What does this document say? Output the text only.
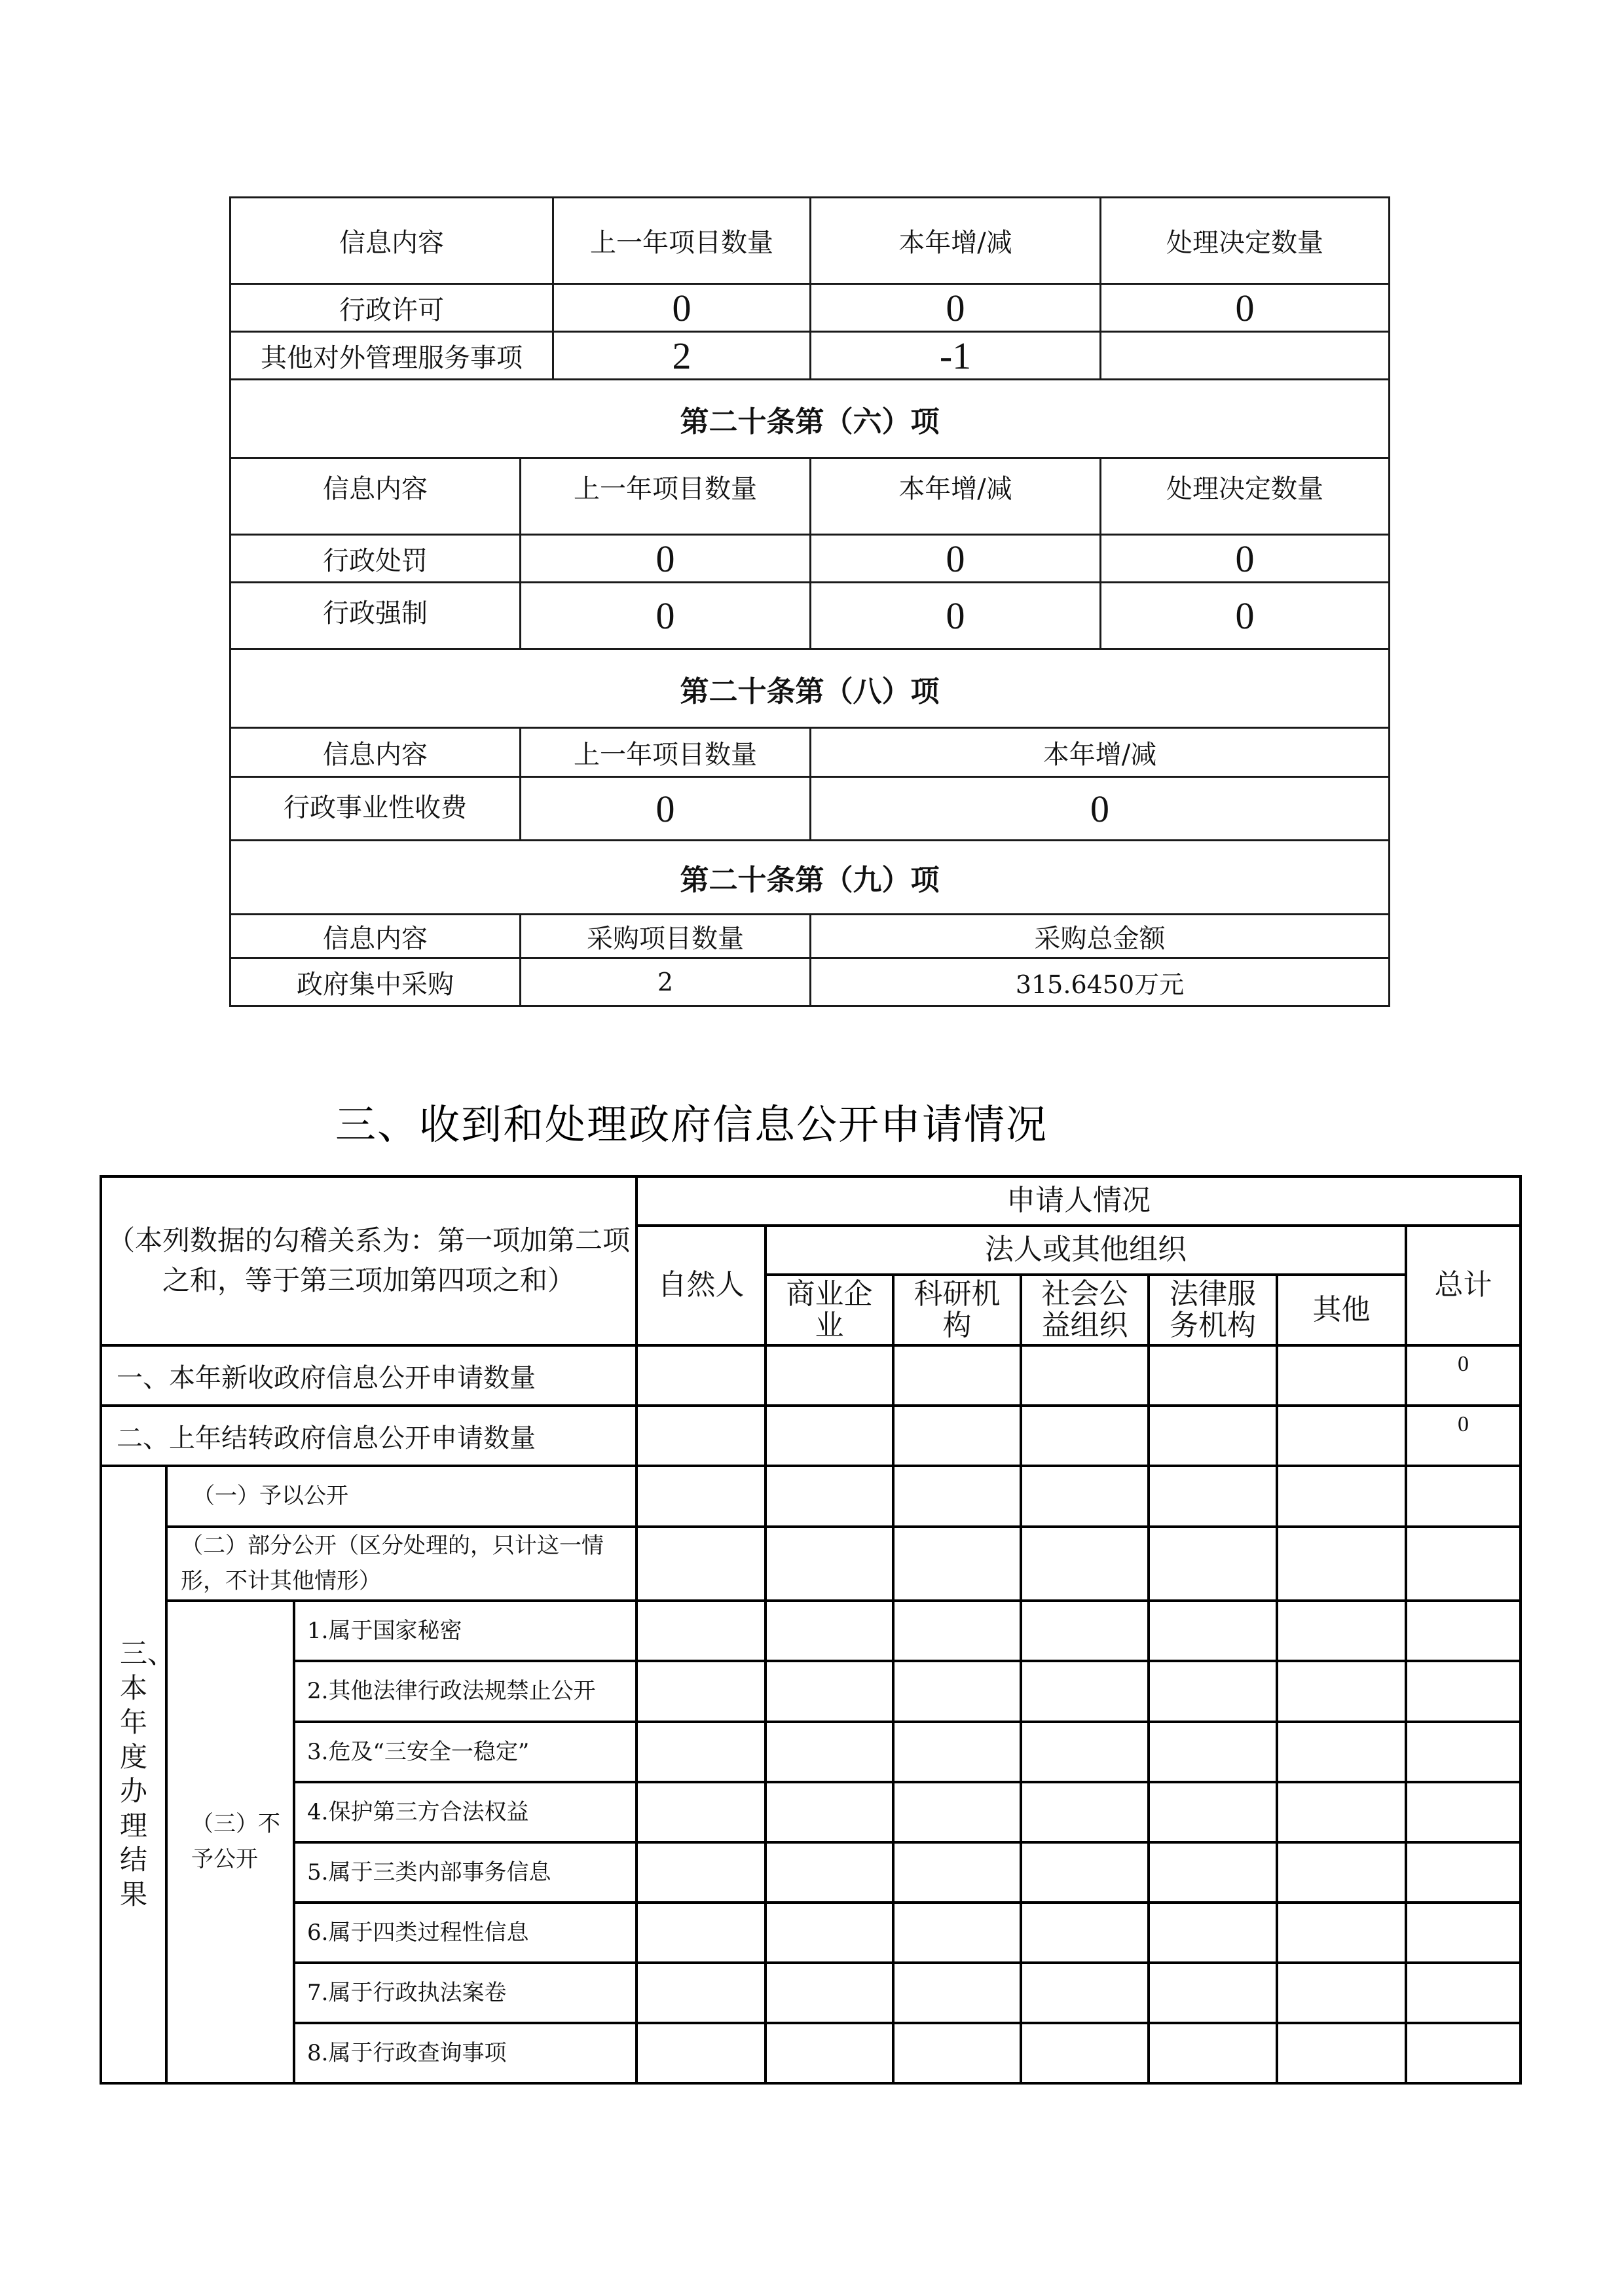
信息内容		上一年项目数量	本年增/减	处理决定数量
行政许可		0	0	0
其他对外管理服务事项		2	-1	
第二十条第（六）项				
信息内容	上一年项目数量		本年增/减	处理决定数量
行政处罚	0		0	0
行政强制	0		0	0
第二十条第（八）项				
信息内容	上一年项目数量		本年增/减	
行政事业性收费	0		0	
第二十条第（九）项				
信息内容	采购项目数量		采购总金额	
政府集中采购	2		315.6450万元	
三、收到和处理政府信息公开申请情况
（本列数据的勾稽关系为：第一项加第二项之和，等于第三项加第四项之和）			申请人情况						
			自然人	法人或其他组织					总计
				商业企业	科研机构	社会公益组织	法律服务机构	其他	
一、本年新收政府信息公开申请数量									0
二、上年结转政府信息公开申请数量									0

三、本年度办理结果	（一）予以公开								
	（二）部分公开（区分处理的，只计这一情形，不计其他情形）								
	（三）不予公开	1.属于国家秘密							
		2.其他法律行政法规禁止公开							
		3.危及“三安全一稳定”							
		4.保护第三方合法权益							
		5.属于三类内部事务信息							
		6.属于四类过程性信息							
		7.属于行政执法案卷							
		8.属于行政查询事项							
